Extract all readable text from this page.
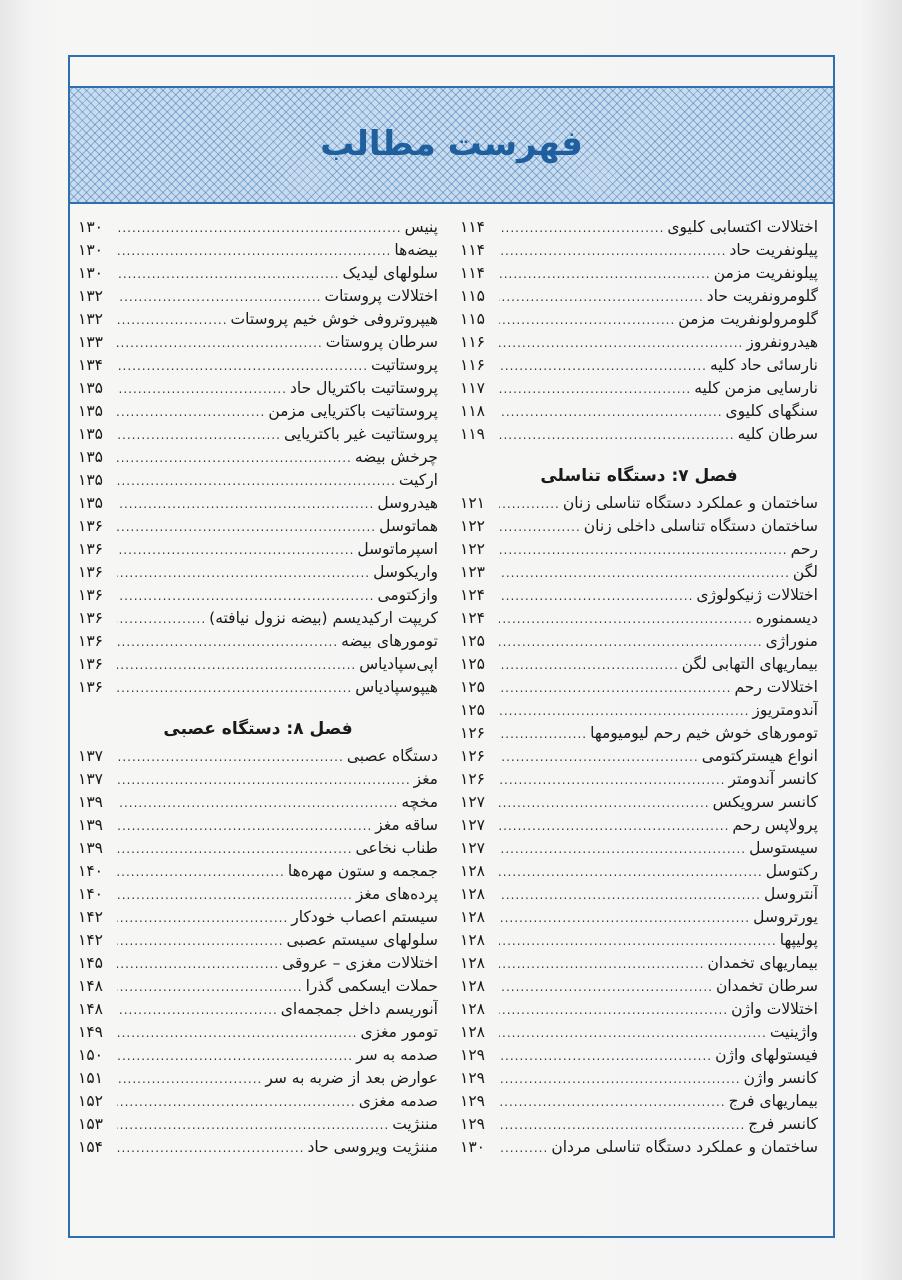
فهرست مطالب
اختلالات اکتسابی کلیوی
.....
۱۱۴
پیلونفریت حاد
.....
۱۱۴
پیلونفریت مزمن
.....
۱۱۴
گلومرونفریت حاد
.....
۱۱۵
گلومرولونفریت مزمن
.....
۱۱۵
هیدرونفروز
.....
۱۱۶
نارسائی حاد کلیه
.....
۱۱۶
نارسایی مزمن کلیه
.....
۱۱۷
سنگهای کلیوی
.....
۱۱۸
سرطان کلیه
.....
۱۱۹
فصل ۷: دستگاه تناسلی
ساختمان و عملکرد دستگاه تناسلی زنان
.....
۱۲۱
ساختمان دستگاه تناسلی داخلی زنان
.....
۱۲۲
رحم
.....
۱۲۲
لگن
.....
۱۲۳
اختلالات ژنیکولوژی
.....
۱۲۴
دیسمنوره
.....
۱۲۴
منوراژی
.....
۱۲۵
بیماریهای التهابی لگن
.....
۱۲۵
اختلالات رحم
.....
۱۲۵
آندومتریوز
.....
۱۲۵
تومورهای خوش خیم رحم لیومیومها
.....
۱۲۶
انواع هیسترکتومی
.....
۱۲۶
کانسر آندومتر
.....
۱۲۶
کانسر سرویکس
.....
۱۲۷
پرولاپس رحم
.....
۱۲۷
سیستوسل
.....
۱۲۷
رکتوسل
.....
۱۲۸
آنتروسل
.....
۱۲۸
یورتروسل
.....
۱۲۸
پولیپها
.....
۱۲۸
بیماریهای تخمدان
.....
۱۲۸
سرطان تخمدان
.....
۱۲۸
اختلالات واژن
.....
۱۲۸
واژینیت
.....
۱۲۸
فیستولهای واژن
.....
۱۲۹
کانسر واژن
.....
۱۲۹
بیماریهای فرج
.....
۱۲۹
کانسر فرج
.....
۱۲۹
ساختمان و عملکرد دستگاه تناسلی مردان
.....
۱۳۰
پنیس
.....
۱۳۰
بیضه‌ها
.....
۱۳۰
سلولهای لیدیک
.....
۱۳۰
اختلالات پروستات
.....
۱۳۲
هیپروتروفی خوش خیم پروستات
.....
۱۳۲
سرطان پروستات
.....
۱۳۳
پروستاتیت
.....
۱۳۴
پروستاتیت باکتریال حاد
.....
۱۳۵
پروستاتیت باکتریایی مزمن
.....
۱۳۵
پروستاتیت غیر باکتریایی
.....
۱۳۵
چرخش بیضه
.....
۱۳۵
ارکیت
.....
۱۳۵
هیدروسل
.....
۱۳۵
هماتوسل
.....
۱۳۶
اسپرماتوسل
.....
۱۳۶
واریکوسل
.....
۱۳۶
وازکتومی
.....
۱۳۶
کریپت ارکیدیسم (بیضه نزول نیافته)
.....
۱۳۶
تومورهای بیضه
.....
۱۳۶
اپی‌سپادیاس
.....
۱۳۶
هیپوسپادیاس
.....
۱۳۶
فصل ۸: دستگاه عصبی
دستگاه عصبی
.....
۱۳۷
مغز
.....
۱۳۷
مخچه
.....
۱۳۹
ساقه مغز
.....
۱۳۹
طناب نخاعی
.....
۱۳۹
جمجمه و ستون مهره‌ها
.....
۱۴۰
پرده‌های مغز
.....
۱۴۰
سیستم اعصاب خودکار
.....
۱۴۲
سلولهای سیستم عصبی
.....
۱۴۲
اختلالات مغزی – عروقی
.....
۱۴۵
حملات ایسکمی گذرا
.....
۱۴۸
آنوریسم داخل جمجمه‌ای
.....
۱۴۸
تومور مغزی
.....
۱۴۹
صدمه به سر
.....
۱۵۰
عوارض بعد از ضربه به سر
.....
۱۵۱
صدمه مغزی
.....
۱۵۲
مننژیت
.....
۱۵۳
مننژیت ویروسی حاد
.....
۱۵۴
